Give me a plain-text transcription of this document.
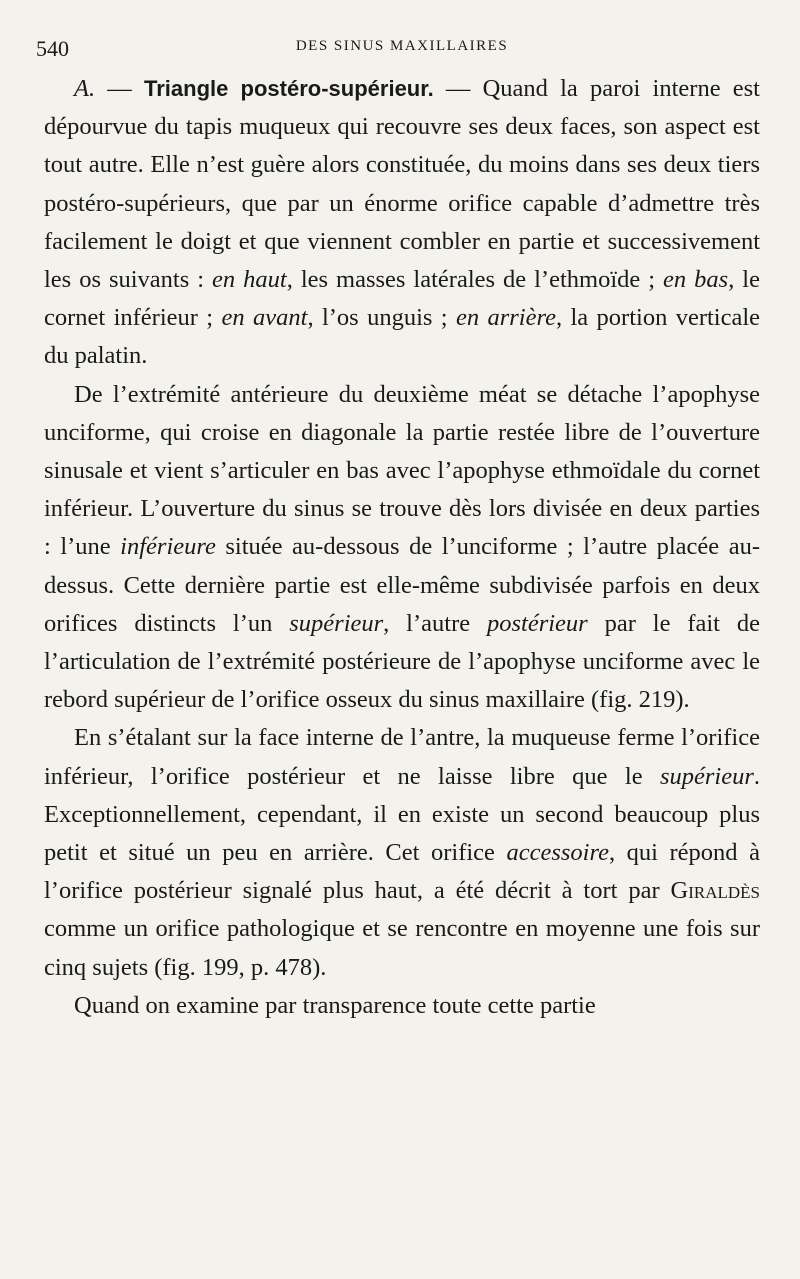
540	DES SINUS MAXILLAIRES

A. — Triangle postéro-supérieur. — Quand la paroi interne est dépourvue du tapis muqueux qui recouvre ses deux faces, son aspect est tout autre. Elle n’est guère alors constituée, du moins dans ses deux tiers postéro-supérieurs, que par un énorme orifice capable d’admettre très facilement le doigt et que viennent combler en partie et successivement les os suivants : en haut, les masses latérales de l’ethmoïde ; en bas, le cornet inférieur ; en avant, l’os unguis ; en arrière, la portion verticale du palatin.

De l’extrémité antérieure du deuxième méat se détache l’apophyse unciforme, qui croise en diagonale la partie restée libre de l’ouverture sinusale et vient s’articuler en bas avec l’apophyse ethmoïdale du cornet inférieur. L’ouverture du sinus se trouve dès lors divisée en deux parties : l’une inférieure située au-dessous de l’unciforme ; l’autre placée au-dessus. Cette dernière partie est elle-même subdivisée parfois en deux orifices distincts l’un supérieur, l’autre postérieur par le fait de l’articulation de l’extrémité postérieure de l’apophyse unciforme avec le rebord supérieur de l’orifice osseux du sinus maxillaire (fig. 219).

En s’étalant sur la face interne de l’antre, la muqueuse ferme l’orifice inférieur, l’orifice postérieur et ne laisse libre que le supérieur. Exceptionnellement, cependant, il en existe un second beaucoup plus petit et situé un peu en arrière. Cet orifice accessoire, qui répond à l’orifice postérieur signalé plus haut, a été décrit à tort par Giraldès comme un orifice pathologique et se rencontre en moyenne une fois sur cinq sujets (fig. 199, p. 478).

Quand on examine par transparence toute cette partie
